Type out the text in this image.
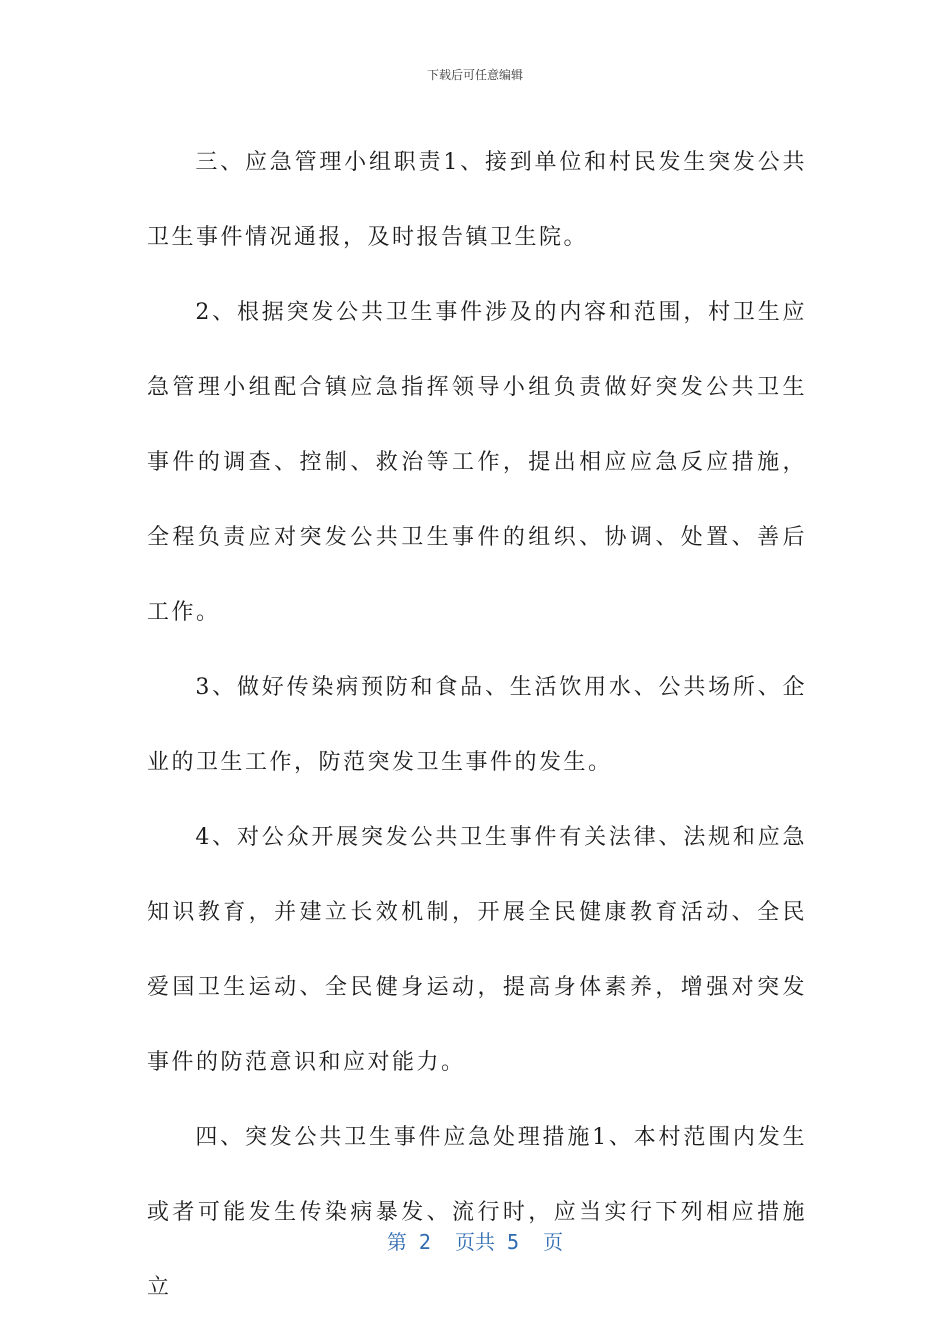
下载后可任意编辑

三、应急管理小组职责1、接到单位和村民发生突发公共卫生事件情况通报，及时报告镇卫生院。

2、根据突发公共卫生事件涉及的内容和范围，村卫生应急管理小组配合镇应急指挥领导小组负责做好突发公共卫生事件的调查、控制、救治等工作，提出相应应急反应措施，全程负责应对突发公共卫生事件的组织、协调、处置、善后工作。

3、做好传染病预防和食品、生活饮用水、公共场所、企业的卫生工作，防范突发卫生事件的发生。

4、对公众开展突发公共卫生事件有关法律、法规和应急知识教育，并建立长效机制，开展全民健康教育活动、全民爱国卫生运动、全民健身运动，提高身体素养，增强对突发事件的防范意识和应对能力。

四、突发公共卫生事件应急处理措施1、本村范围内发生或者可能发生传染病暴发、流行时，应当实行下列相应措施立

第 2  页共 5  页
